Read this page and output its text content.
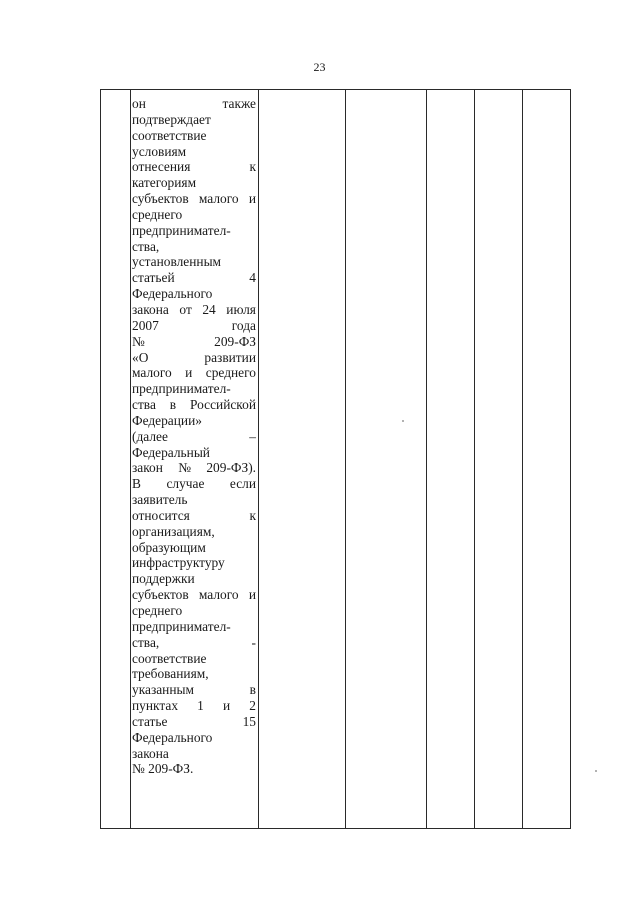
23
он	также
подтверждает
соответствие
условиям
отнесения	к
категориям
субъектов малого и
среднего
предпринимател-
ства,
установленным
статьей	4
Федерального
закона от 24 июля
2007	года
№	209-ФЗ
«О	развитии
малого и среднего
предпринимател-
ства в Российской
Федерации»
(далее	–
Федеральный
закон № 209-ФЗ).
В случае если
заявитель
относится	к
организациям,
образующим
инфраструктуру
поддержки
субъектов малого и
среднего
предпринимател-
ства,	-
соответствие
требованиям,
указанным	в
пунктах 1 и 2
статье	15
Федерального
закона
№ 209-ФЗ.
